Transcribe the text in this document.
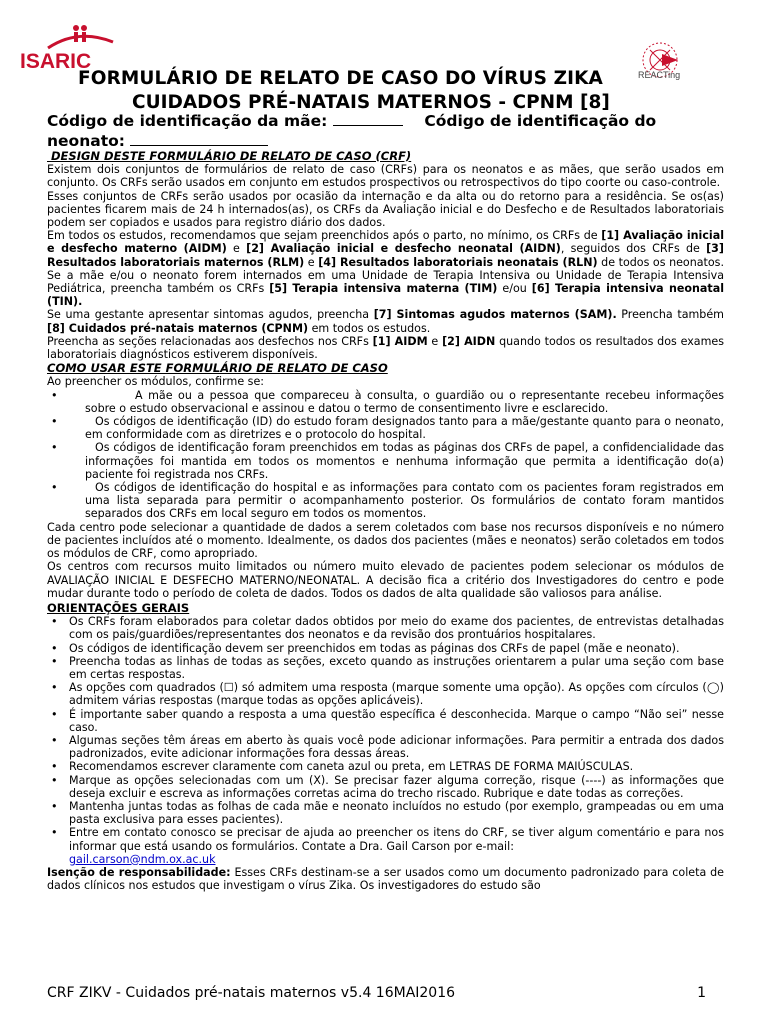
ISARIC
REACTing
FORMULÁRIO DE RELATO DE CASO DO VÍRUS ZIKA
CUIDADOS PRÉ-NATAIS MATERNOS - CPNM [8]
Código de identificação da mãe:	Código de identificação do
neonato:
DESIGN DESTE FORMULÁRIO DE RELATO DE CASO (CRF)

Existem dois conjuntos de formulários de relato de caso (CRFs) para os neonatos e as mães, que serão usados em conjunto. Os CRFs serão usados em conjunto em estudos prospectivos ou retrospectivos do tipo coorte ou caso-controle.

Esses conjuntos de CRFs serão usados por ocasião da internação e da alta ou do retorno para a residência. Se os(as) pacientes ficarem mais de 24 h internados(as), os CRFs da Avaliação inicial e do Desfecho e de Resultados laboratoriais podem ser copiados e usados para registro diário dos dados.

Em todos os estudos, recomendamos que sejam preenchidos após o parto, no mínimo, os CRFs de [1] Avaliação inicial e desfecho materno (AIDM) e [2] Avaliação inicial e desfecho neonatal (AIDN), seguidos dos CRFs de [3] Resultados laboratoriais maternos (RLM) e [4] Resultados laboratoriais neonatais (RLN) de todos os neonatos. Se a mãe e/ou o neonato forem internados em uma Unidade de Terapia Intensiva ou Unidade de Terapia Intensiva Pediátrica, preencha também os CRFs [5] Terapia intensiva materna (TIM) e/ou [6] Terapia intensiva neonatal (TIN).

Se uma gestante apresentar sintomas agudos, preencha [7] Sintomas agudos maternos (SAM). Preencha também [8] Cuidados pré-natais maternos (CPNM) em todos os estudos.

Preencha as seções relacionadas aos desfechos nos CRFs [1] AIDM e [2] AIDN quando todos os resultados dos exames laboratoriais diagnósticos estiverem disponíveis.

COMO USAR ESTE FORMULÁRIO DE RELATO DE CASO

Ao preencher os módulos, confirme se:

• A mãe ou a pessoa que compareceu à consulta, o guardião ou o representante recebeu informações sobre o estudo observacional e assinou e datou o termo de consentimento livre e esclarecido.
• Os códigos de identificação (ID) do estudo foram designados tanto para a mãe/gestante quanto para o neonato, em conformidade com as diretrizes e o protocolo do hospital.
• Os códigos de identificação foram preenchidos em todas as páginas dos CRFs de papel, a confidencialidade das informações foi mantida em todos os momentos e nenhuma informação que permita a identificação do(a) paciente foi registrada nos CRFs.
• Os códigos de identificação do hospital e as informações para contato com os pacientes foram registrados em uma lista separada para permitir o acompanhamento posterior. Os formulários de contato foram mantidos separados dos CRFs em local seguro em todos os momentos.

Cada centro pode selecionar a quantidade de dados a serem coletados com base nos recursos disponíveis e no número de pacientes incluídos até o momento. Idealmente, os dados dos pacientes (mães e neonatos) serão coletados em todos os módulos de CRF, como apropriado.

Os centros com recursos muito limitados ou número muito elevado de pacientes podem selecionar os módulos de AVALIAÇÃO INICIAL E DESFECHO MATERNO/NEONATAL. A decisão fica a critério dos Investigadores do centro e pode mudar durante todo o período de coleta de dados. Todos os dados de alta qualidade são valiosos para análise.

ORIENTAÇÕES GERAIS
• Os CRFs foram elaborados para coletar dados obtidos por meio do exame dos pacientes, de entrevistas detalhadas com os pais/guardiões/representantes dos neonatos e da revisão dos prontuários hospitalares.
• Os códigos de identificação devem ser preenchidos em todas as páginas dos CRFs de papel (mãe e neonato).
• Preencha todas as linhas de todas as seções, exceto quando as instruções orientarem a pular uma seção com base em certas respostas.
• As opções com quadrados (☐) só admitem uma resposta (marque somente uma opção). As opções com círculos (◯) admitem várias respostas (marque todas as opções aplicáveis).
• É importante saber quando a resposta a uma questão específica é desconhecida. Marque o campo “Não sei” nesse caso.
• Algumas seções têm áreas em aberto às quais você pode adicionar informações. Para permitir a entrada dos dados padronizados, evite adicionar informações fora dessas áreas.
• Recomendamos escrever claramente com caneta azul ou preta, em LETRAS DE FORMA MAIÚSCULAS.
• Marque as opções selecionadas com um (X). Se precisar fazer alguma correção, risque (----) as informações que deseja excluir e escreva as informações corretas acima do trecho riscado. Rubrique e date todas as correções.
• Mantenha juntas todas as folhas de cada mãe e neonato incluídos no estudo (por exemplo, grampeadas ou em uma pasta exclusiva para esses pacientes).
• Entre em contato conosco se precisar de ajuda ao preencher os itens do CRF, se tiver algum comentário e para nos informar que está usando os formulários. Contate a Dra. Gail Carson por e-mail:
gail.carson@ndm.ox.ac.uk

Isenção de responsabilidade: Esses CRFs destinam-se a ser usados como um documento padronizado para coleta de dados clínicos nos estudos que investigam o vírus Zika. Os investigadores do estudo são

CRF ZIKV - Cuidados pré-natais maternos v5.4 16MAI2016	1
